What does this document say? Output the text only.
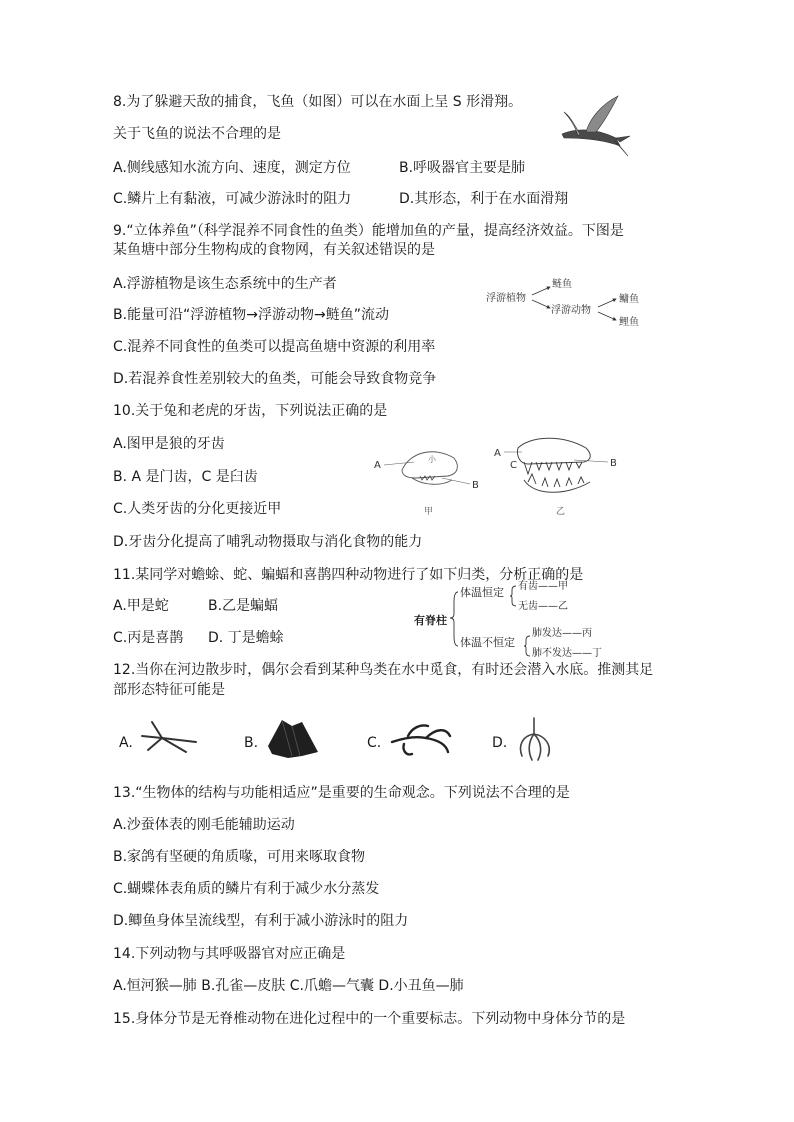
8.为了躲避天敌的捕食，飞鱼（如图）可以在水面上呈 S 形滑翔。
关于飞鱼的说法不合理的是
A.侧线感知水流方向、速度，测定方位	B.呼吸器官主要是肺
C.鳞片上有黏液，可减少游泳时的阻力	D.其形态，利于在水面滑翔
9.“立体养鱼”（科学混养不同食性的鱼类）能增加鱼的产量，提高经济效益。下图是
某鱼塘中部分生物构成的食物网，有关叙述错误的是
A.浮游植物是该生态系统中的生产者
B.能量可沿“浮游植物→浮游动物→鲢鱼”流动
C.混养不同食性的鱼类可以提高鱼塘中资源的利用率
D.若混养食性差别较大的鱼类，可能会导致食物竞争
浮游植物
浮游动物
鲢鱼
鳙鱼
鲤鱼
10.关于兔和老虎的牙齿，下列说法正确的是
A.图甲是狼的牙齿
B. A 是门齿，C 是臼齿
C.人类牙齿的分化更接近甲
D.牙齿分化提高了哺乳动物摄取与消化食物的能力
A
小
B
甲
A
C	B
乙
11.某同学对蟾蜍、蛇、蝙蝠和喜鹊四种动物进行了如下归类，分析正确的是
A.甲是蛇	B.乙是蝙蝠
C.丙是喜鹊 D. 丁是蟾蜍
有脊柱
体温恒定
体温不恒定
有齿——甲
无齿——乙
肺发达——丙
肺不发达——丁
12.当你在河边散步时，偶尔会看到某种鸟类在水中觅食，有时还会潜入水底。推测其足
部形态特征可能是
A.	B.	C.	D.
13.“生物体的结构与功能相适应”是重要的生命观念。下列说法不合理的是
A.沙蚕体表的刚毛能辅助运动
B.家鸽有坚硬的角质喙，可用来啄取食物
C.蝴蝶体表角质的鳞片有利于减少水分蒸发
D.鲫鱼身体呈流线型，有利于减小游泳时的阻力
14.下列动物与其呼吸器官对应正确是
A.恒河猴—肺 B.孔雀—皮肤 C.爪蟾—气囊 D.小丑鱼—肺
15.身体分节是无脊椎动物在进化过程中的一个重要标志。下列动物中身体分节的是
